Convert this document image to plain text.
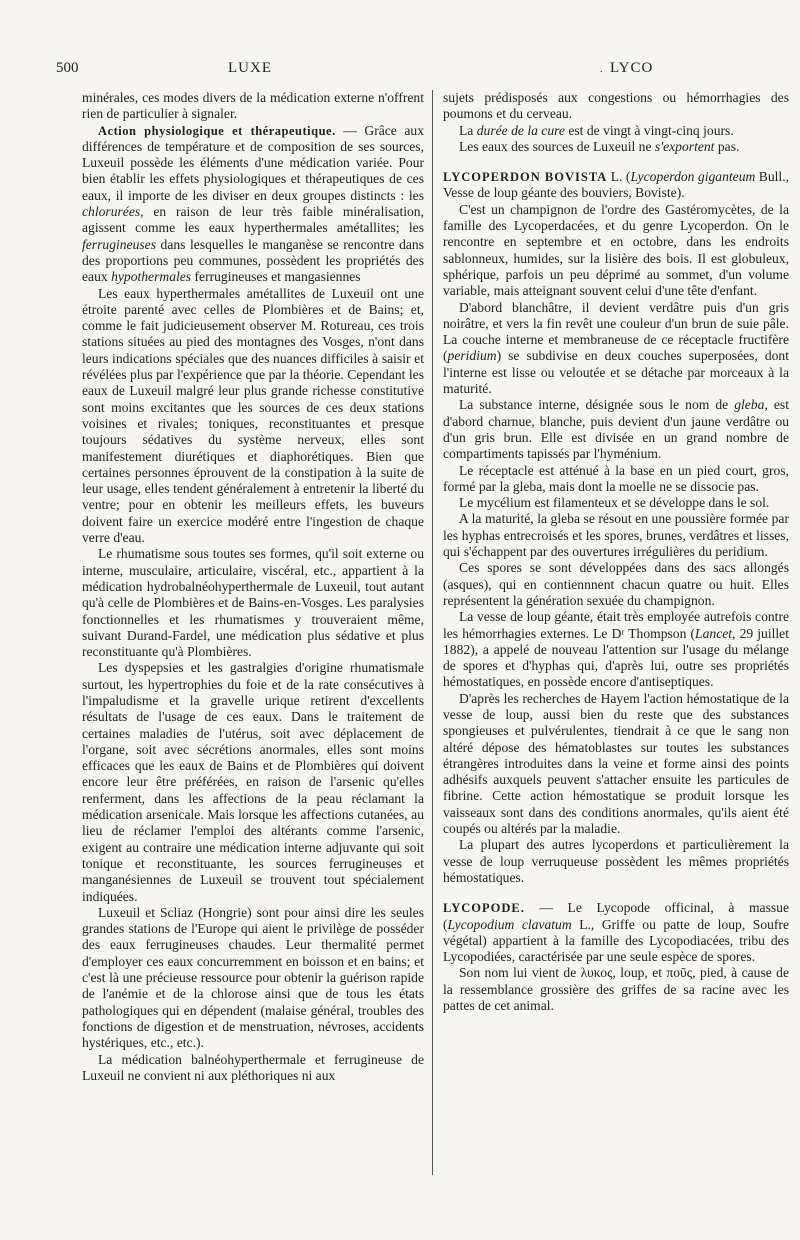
500	LUXE	. LYCO

minérales, ces modes divers de la médication externe n'offrent rien de particulier à signaler.

Action physiologique et thérapeutique. — Grâce aux différences de température et de composition de ses sources, Luxeuil possède les éléments d'une médication variée. Pour bien établir les effets physiologiques et thérapeutiques de ces eaux, il importe de les diviser en deux groupes distincts : les chlorurées, en raison de leur très faible minéralisation, agissent comme les eaux hyperthermales amétallites; les ferrugineuses dans lesquelles le manganèse se rencontre dans des proportions peu communes, possèdent les propriétés des eaux hypothermales ferrugineuses et mangasiennes

Les eaux hyperthermales amétallites de Luxeuil ont une étroite parenté avec celles de Plombières et de Bains; et, comme le fait judicieusement observer M. Rotureau, ces trois stations situées au pied des montagnes des Vosges, n'ont dans leurs indications spéciales que des nuances difficiles à saisir et révélées plus par l'expérience que par la théorie. Cependant les eaux de Luxeuil malgré leur plus grande richesse constitutive sont moins excitantes que les sources de ces deux stations voisines et rivales; toniques, reconstituantes et presque toujours sédatives du système nerveux, elles sont manifestement diurétiques et diaphorétiques. Bien que certaines personnes éprouvent de la constipation à la suite de leur usage, elles tendent généralement à entretenir la liberté du ventre; pour en obtenir les meilleurs effets, les buveurs doivent faire un exercice modéré entre l'ingestion de chaque verre d'eau.

Le rhumatisme sous toutes ses formes, qu'il soit externe ou interne, musculaire, articulaire, viscéral, etc., appartient à la médication hydrobalnéohyperthermale de Luxeuil, tout autant qu'à celle de Plombières et de Bains-en-Vosges. Les paralysies fonctionnelles et les rhumatismes y trouveraient même, suivant Durand-Fardel, une médication plus sédative et plus reconstituante qu'à Plombières.

Les dyspepsies et les gastralgies d'origine rhumatismale surtout, les hypertrophies du foie et de la rate consécutives à l'impaludisme et la gravelle urique retirent d'excellents résultats de l'usage de ces eaux. Dans le traitement de certaines maladies de l'utérus, soit avec déplacement de l'organe, soit avec sécrétions anormales, elles sont moins efficaces que les eaux de Bains et de Plombières qui doivent encore leur être préférées, en raison de l'arsenic qu'elles renferment, dans les affections de la peau réclamant la médication arsenicale. Mais lorsque les affections cutanées, au lieu de réclamer l'emploi des altérants comme l'arsenic, exigent au contraire une médication interne adjuvante qui soit tonique et reconstituante, les sources ferrugineuses et manganésiennes de Luxeuil se trouvent tout spécialement indiquées.

Luxeuil et Scliaz (Hongrie) sont pour ainsi dire les seules grandes stations de l'Europe qui aient le privilège de posséder des eaux ferrugineuses chaudes. Leur thermalité permet d'employer ces eaux concurremment en boisson et en bains; et c'est là une précieuse ressource pour obtenir la guérison rapide de l'anémie et de la chlorose ainsi que de tous les états pathologiques qui en dépendent (malaise général, troubles des fonctions de digestion et de menstruation, névroses, accidents hystériques, etc., etc.).

La médication balnéohyperthermale et ferrugineuse de Luxeuil ne convient ni aux pléthoriques ni aux

sujets prédisposés aux congestions ou hémorrhagies des poumons et du cerveau.

La durée de la cure est de vingt à vingt-cinq jours.

Les eaux des sources de Luxeuil ne s'exportent pas.

LYCOPERDON BOVISTA L. (Lycoperdon giganteum Bull., Vesse de loup géante des bouviers, Boviste).

C'est un champignon de l'ordre des Gastéromycètes, de la famille des Lycoperdacées, et du genre Lycoperdon. On le rencontre en septembre et en octobre, dans les endroits sablonneux, humides, sur la lisière des bois. Il est globuleux, sphérique, parfois un peu déprimé au sommet, d'un volume variable, mais atteignant souvent celui d'une tête d'enfant.

D'abord blanchâtre, il devient verdâtre puis d'un gris noirâtre, et vers la fin revêt une couleur d'un brun de suie pâle. La couche interne et membraneuse de ce réceptacle fructifère (peridium) se subdivise en deux couches superposées, dont l'interne est lisse ou veloutée et se détache par morceaux à la maturité.

La substance interne, désignée sous le nom de gleba, est d'abord charnue, blanche, puis devient d'un jaune verdâtre ou d'un gris brun. Elle est divisée en un grand nombre de compartiments tapissés par l'hyménium.

Le réceptacle est atténué à la base en un pied court, gros, formé par la gleba, mais dont la moelle ne se dissocie pas.

Le mycélium est filamenteux et se développe dans le sol.

A la maturité, la gleba se résout en une poussière formée par les hyphas entrecroisés et les spores, brunes, verdâtres et lisses, qui s'échappent par des ouvertures irrégulières du peridium.

Ces spores se sont développées dans des sacs allongés (asques), qui en contiennnent chacun quatre ou huit. Elles représentent la génération sexuée du champignon.

La vesse de loup géante, était très employée autrefois contre les hémorrhagies externes. Le Dʳ Thompson (Lancet, 29 juillet 1882), a appelé de nouveau l'attention sur l'usage du mélange de spores et d'hyphas qui, d'après lui, outre ses propriétés hémostatiques, en possède encore d'antiseptiques.

D'après les recherches de Hayem l'action hémostatique de la vesse de loup, aussi bien du reste que des substances spongieuses et pulvérulentes, tiendrait à ce que le sang non altéré dépose des hématoblastes sur toutes les substances étrangères introduites dans la veine et forme ainsi des points adhésifs auxquels peuvent s'attacher ensuite les particules de fibrine. Cette action hémostatique se produit lorsque les vaisseaux sont dans des conditions anormales, qu'ils aient été coupés ou altérés par la maladie.

La plupart des autres lycoperdons et particulièrement la vesse de loup verruqueuse possèdent les mêmes propriétés hémostatiques.

LYCOPODE. — Le Lycopode officinal, à massue (Lycopodium clavatum L., Griffe ou patte de loup, Soufre végétal) appartient à la famille des Lycopodiacées, tribu des Lycopodiées, caractérisée par une seule espèce de spores.

Son nom lui vient de λυκος, loup, et ποῦς, pied, à cause de la ressemblance grossière des griffes de sa racine avec les pattes de cet animal.
